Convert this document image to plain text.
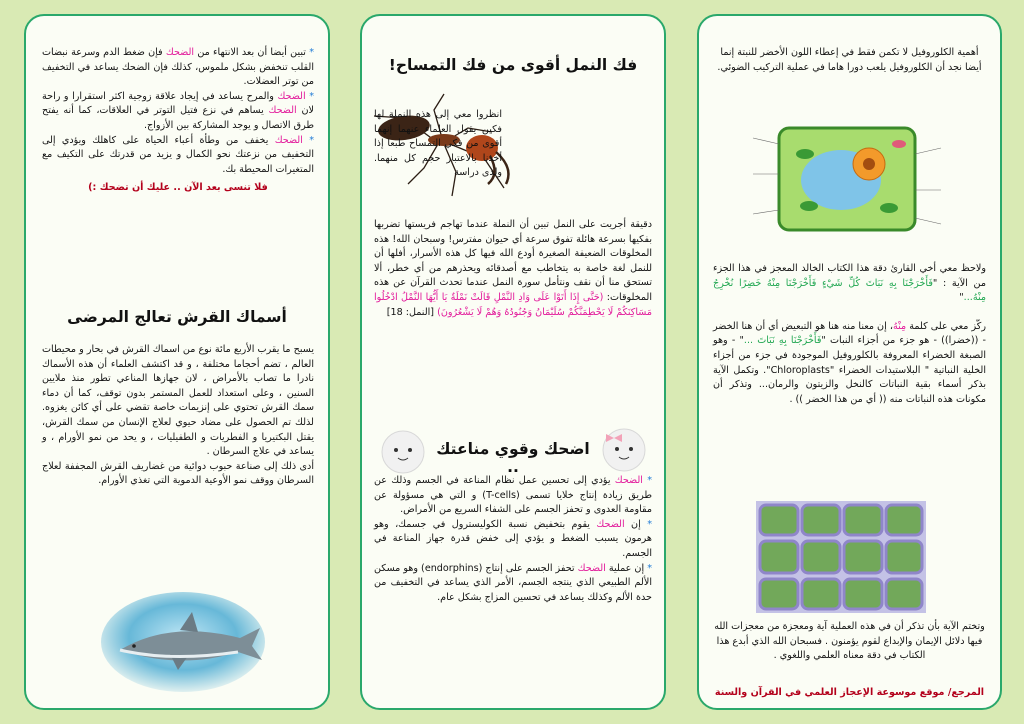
* تبين أيضا أن بعد الانتهاء من الضحك فإن ضغط الدم وسرعة نبضات القلب تنخفض بشكل ملموس، كذلك فإن الضحك يساعد في التخفيف من توتر العضلات.

* الضحك والمرح يساعد في إيجاد علاقة زوجية اكثر استقرارا و راحة لان الضحك يساهم في نزع فتيل التوتر في العلاقات، كما أنه يفتح طرق الاتصال و يوجد المشاركة بين الأزواج.

* الضحك يخفف من وطأة أعباء الحياة على كاهلك ويؤدي إلى التخفيف من نزعتك نحو الكمال و يزيد من قدرتك على التكيف مع المتغيرات المحيطة بك.

فلا تنسى بعد الآن .. عليك أن تضحك :)

أسماك القرش تعالج المرضى

يسبح ما يقرب الأربع مائة نوع من اسماك القرش في بحار و محيطات العالم ، تضم أحجاما مختلفة ، و قد اكتشف العلماء أن هذه الأسماك نادرا ما تصاب بالأمراض ، لان جهازها المناعي تطور منذ ملايين السنين ، وعلى استعداد للعمل المستمر بدون توقف، كما أن دماء سمك القرش تحتوي على إنزيمات خاصة تقضي على أي كائن يغزوه. لذلك تم الحصول على مضاد حيوي لعلاج الإنسان من سمك القرش، يقتل البكتيريا و الفطريات و الطفيليات ، و يحد من نمو الأورام ، و يساعد في علاج السرطان .

أدى ذلك إلى صناعة حبوب دوائية من غضاريف القرش المجففة لعلاج السرطان ووقف نمو الأوعية الدموية التي تغذي الأورام.

فك النمل أقوى من فك التمساح!
انظروا معي إلى هذه النملة لها فكين يقول العلماء عنهما إنهما أقوى من فكي التمساح طبعا إذا أخذنا بالاعتبار حجم كل منهما. ولدى دراسة
دقيقة أجريت على النمل تبين أن النملة عندما تهاجم فريستها تضربها بفكيها بسرعة هائلة تفوق سرعة أي حيوان مفترس! وسبحان الله! هذه المخلوقات الضعيفة الصغيرة أودع الله فيها كل هذه الأسرار، أفلها أن للنمل لغة خاصة به يتخاطب مع أصدقائه ويحذرهم من أي خطر، ألا تستحق منا أن نقف ونتأمل سورة النمل عندما تحدث القرآن عن هذه المخلوقات: (حَتَّى إِذَا أَتَوْا عَلَى وَادِ النَّمْلِ قَالَتْ نَمْلَةٌ يَا أَيُّهَا النَّمْلُ ادْخُلُوا مَسَاكِنَكُمْ لَا يَحْطِمَنَّكُمْ سُلَيْمَانُ وَجُنُودُهُ وَهُمْ لَا يَشْعُرُونَ) [النمل: 18]
اضحك وقوي مناعتك ..

* الضحك يؤدي إلى تحسين عمل نظام المناعة في الجسم وذلك عن طريق زيادة إنتاج خلايا تسمى (T-cells) و التي هي مسؤولة عن مقاومة العدوى و تحفز الجسم على الشفاء السريع من الأمراض.

* إن الضحك يقوم بتخفيض نسبة الكوليسترول في جسمك، وهو هرمون يسبب الضغط و يؤدي إلى خفض قدرة جهاز المناعة في الجسم.

* إن عملية الضحك تحفز الجسم على إنتاج (endorphins) وهو مسكن الألم الطبيعي الذي ينتجه الجسم، الأمر الذي يساعد في التخفيف من حدة الألم وكذلك يساعد في تحسين المزاج بشكل عام.

أهمية الكلوروفيل لا تكمن فقط في إعطاء اللون الأخضر للنبتة إنما أيضا نجد أن الكلوروفيل يلعب دورا هاما في عملية التركيب الضوئي.

ولاحظ معي أخي القارئ دقة هذا الكتاب الخالد المعجز في هذا الجزء من الآية : "فَأَخْرَجْنَا بِهِ نَبَاتَ كُلِّ شَيْءٍ فَأَخْرَجْنَا مِنْهُ خَضِرًا نُخْرِجُ مِنْهُ..."

ركّز معي على كلمة مِنْهُ، إن معنا منه هنا هو التبعيض أي أن هنا الخضر - ((خضرا)) - هو جزء من أجزاء النبات "فَأَخْرَجْنَا بِهِ نَبَاتَ ..." - وهو الصبغة الخضراء المعروفة بالكلوروفيل الموجودة في جزء من أجزاء الخلية النباتية " البلاستيدات الخضراء "Chloroplasts". وتكمل الآية بذكر أسماء بقية النباتات كالنخل والزيتون والرمان... وتذكر أن مكونات هذه النباتات منه (( أي من هذا الخضر )) .

وتختم الآية بأن تذكر أن في هذه العملية آية ومعجزة من معجزات الله فيها دلائل الإيمان والإبداع لقوم يؤمنون . فسبحان الله الذي أبدع هذا الكتاب في دقة معناه العلمي واللغوي .
المرجع/ موقع موسوعة الإعجاز العلمي في القرآن والسنة
